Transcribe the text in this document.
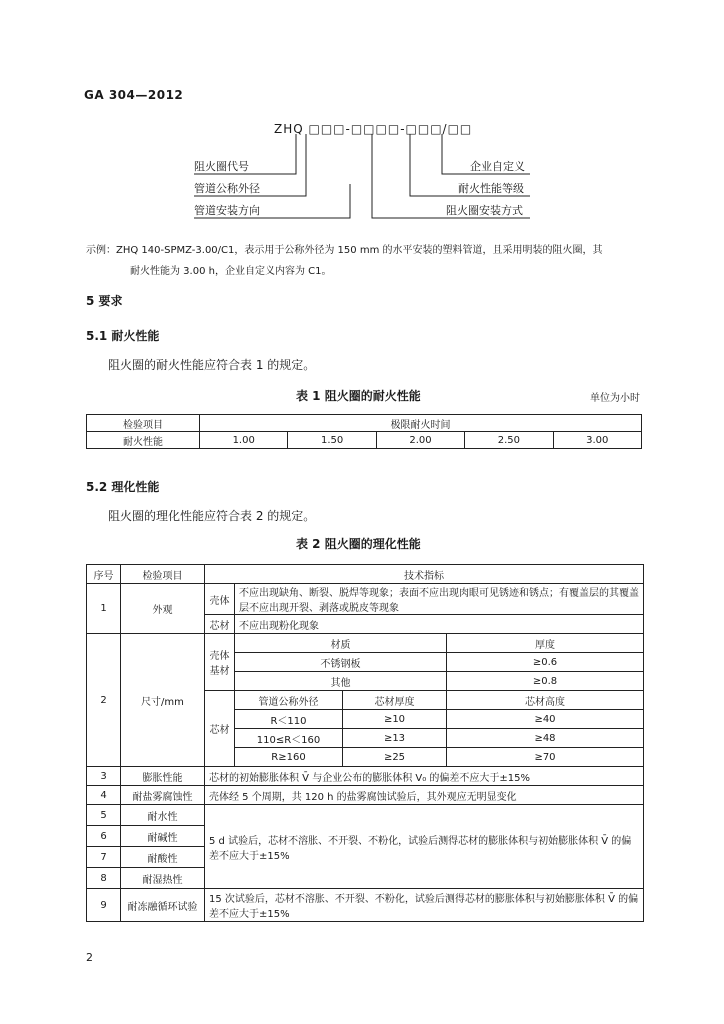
GA 304—2012
ZHQ □□□-□□□□-□□□/□□
阻火圈代号
管道公称外径
管道安装方向
企业自定义
耐火性能等级
阻火圈安装方式
示例：ZHQ 140-SPMZ-3.00/C1，表示用于公称外径为 150 mm 的水平安装的塑料管道，且采用明装的阻火圈，其
耐火性能为 3.00 h，企业自定义内容为 C1。
5 要求
5.1 耐火性能
阻火圈的耐火性能应符合表 1 的规定。
表 1 阻火圈的耐火性能	单位为小时
检验项目	极限耐火时间				
耐火性能	1.00	1.50	2.00	2.50	3.00
5.2 理化性能
阻火圈的理化性能应符合表 2 的规定。
表 2 阻火圈的理化性能
序号	检验项目	技术指标			
1	外观	壳体	不应出现缺角、断裂、脱焊等现象；表面不应出现肉眼可见锈迹和锈点；有覆盖层的其覆盖层不应出现开裂、剥落或脱皮等现象		
		芯材	不应出现粉化现象		
2	尺寸/mm	壳体基材	材质		厚度
			不锈钢板		≥0.6
			其他		≥0.8
		芯材	管道公称外径	芯材厚度	芯材高度
			R＜110	≥10	≥40
			110≤R＜160	≥13	≥48
			R≥160	≥25	≥70
3	膨胀性能	芯材的初始膨胀体积 V̄ 与企业公布的膨胀体积 V₀ 的偏差不应大于±15%			
4	耐盐雾腐蚀性	壳体经 5 个周期，共 120 h 的盐雾腐蚀试验后，其外观应无明显变化			
5	耐水性	5 d 试验后，芯材不溶胀、不开裂、不粉化，试验后测得芯材的膨胀体积与初始膨胀体积 V̄ 的偏差不应大于±15%			
6	耐碱性				
7	耐酸性				
8	耐湿热性				
9	耐冻融循环试验	15 次试验后，芯材不溶胀、不开裂、不粉化，试验后测得芯材的膨胀体积与初始膨胀体积 V̄ 的偏差不应大于±15%			
2
